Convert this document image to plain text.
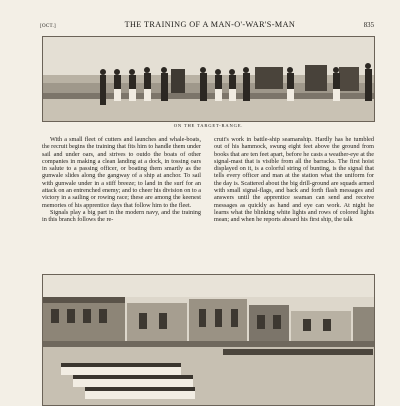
[OCT.]	THE TRAINING OF A MAN-O'-WAR'S-MAN	835
ON THE TARGET-RANGE.

With a small fleet of cutters and launches and whale-boats, the recruit begins the training that fits him to handle them under sail and under oars, and strives to outdo the boats of other companies in making a clean landing at a dock, in tossing oars in salute to a passing officer, or boating them smartly as the gunwale slides along the gangway of a ship at anchor. To sail with gunwale under in a stiff breeze; to land in the surf for an attack on an entrenched enemy; and to cheer his division on to a victory in a sailing or rowing race; these are among the keenest memories of his apprentice days that follow him to the fleet.

Signals play a big part in the modern navy, and the training in this branch follows the re-

cruit's work in battle-ship seamanship. Hardly has he tumbled out of his hammock, swung eight feet above the ground from books that are ten feet apart, before he casts a weather-eye at the signal-mast that is visible from all the barracks. The first hoist displayed on it, is a colorful string of bunting, is the signal that tells every officer and man at the station what the uniform for the day is. Scattered about the big drill-ground are squads armed with small signal-flags, and back and forth flash messages and answers until the apprentice seaman can send and receive messages as quickly as hand and eye can work. At night he learns what the blinking white lights and rows of colored lights mean; and when he reports aboard his first ship, the talk
